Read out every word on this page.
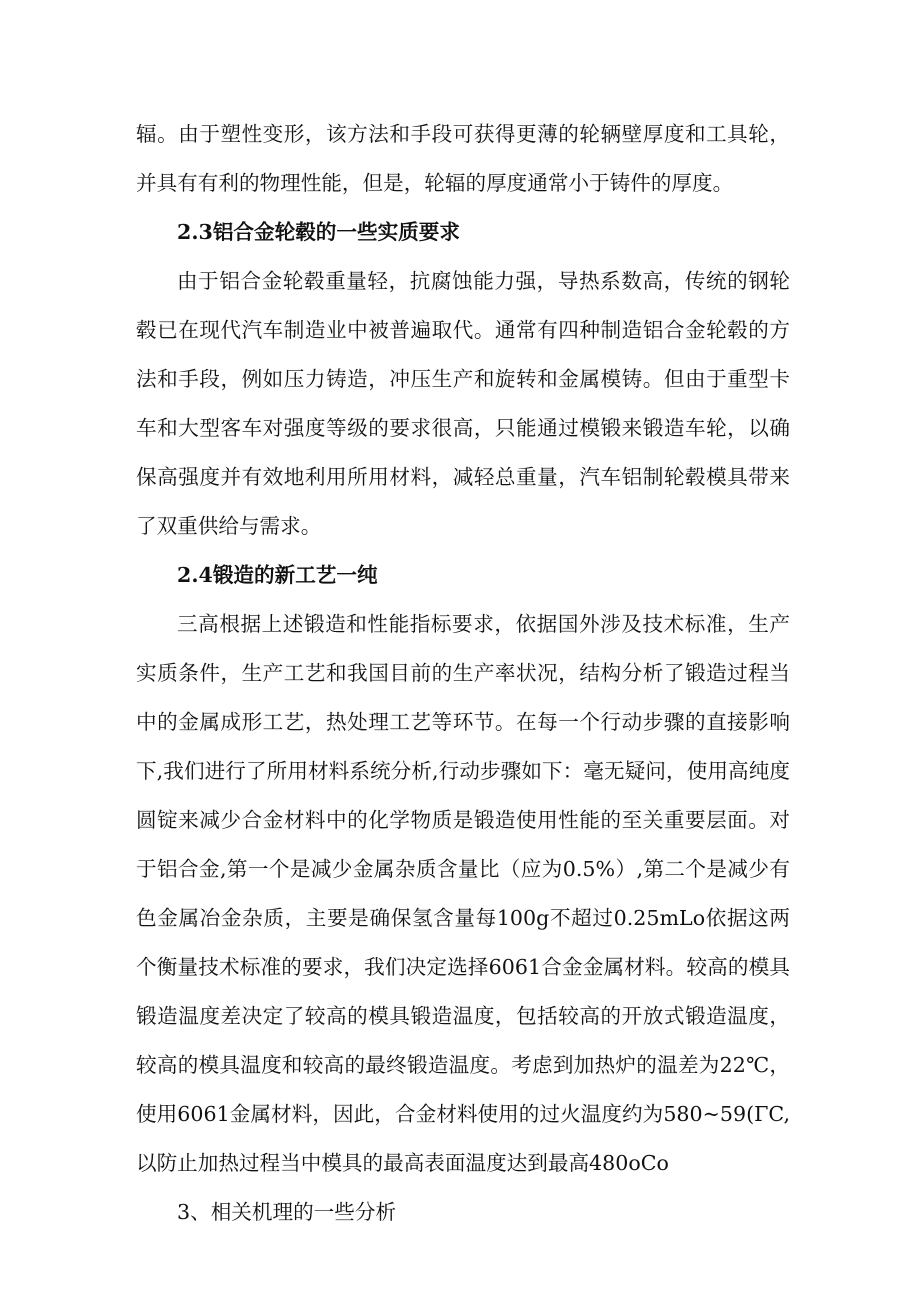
辐。由于塑性变形，该方法和手段可获得更薄的轮辆壁厚度和工具轮，并具有有利的物理性能，但是，轮辐的厚度通常小于铸件的厚度。

2.3铝合金轮毂的一些实质要求

由于铝合金轮毂重量轻，抗腐蚀能力强，导热系数高，传统的钢轮毂已在现代汽车制造业中被普遍取代。通常有四种制造铝合金轮毂的方法和手段，例如压力铸造，冲压生产和旋转和金属模铸。但由于重型卡车和大型客车对强度等级的要求很高，只能通过模锻来锻造车轮，以确保高强度并有效地利用所用材料，减轻总重量，汽车铝制轮毂模具带来了双重供给与需求。

2.4锻造的新工艺一纯

三高根据上述锻造和性能指标要求，依据国外涉及技术标准，生产实质条件，生产工艺和我国目前的生产率状况，结构分析了锻造过程当中的金属成形工艺，热处理工艺等环节。在每一个行动步骤的直接影响下,我们进行了所用材料系统分析,行动步骤如下：毫无疑问，使用高纯度圆锭来减少合金材料中的化学物质是锻造使用性能的至关重要层面。对于铝合金,第一个是减少金属杂质含量比（应为0.5%）,第二个是减少有色金属冶金杂质，主要是确保氢含量每100g不超过0.25mLo依据这两个衡量技术标准的要求，我们决定选择6061合金金属材料。较高的模具锻造温度差决定了较高的模具锻造温度，包括较高的开放式锻造温度，较高的模具温度和较高的最终锻造温度。考虑到加热炉的温差为22℃，使用6061金属材料，因此，合金材料使用的过火温度约为580~59(ΓC,以防止加热过程当中模具的最高表面温度达到最高480oCo

3、相关机理的一些分析
